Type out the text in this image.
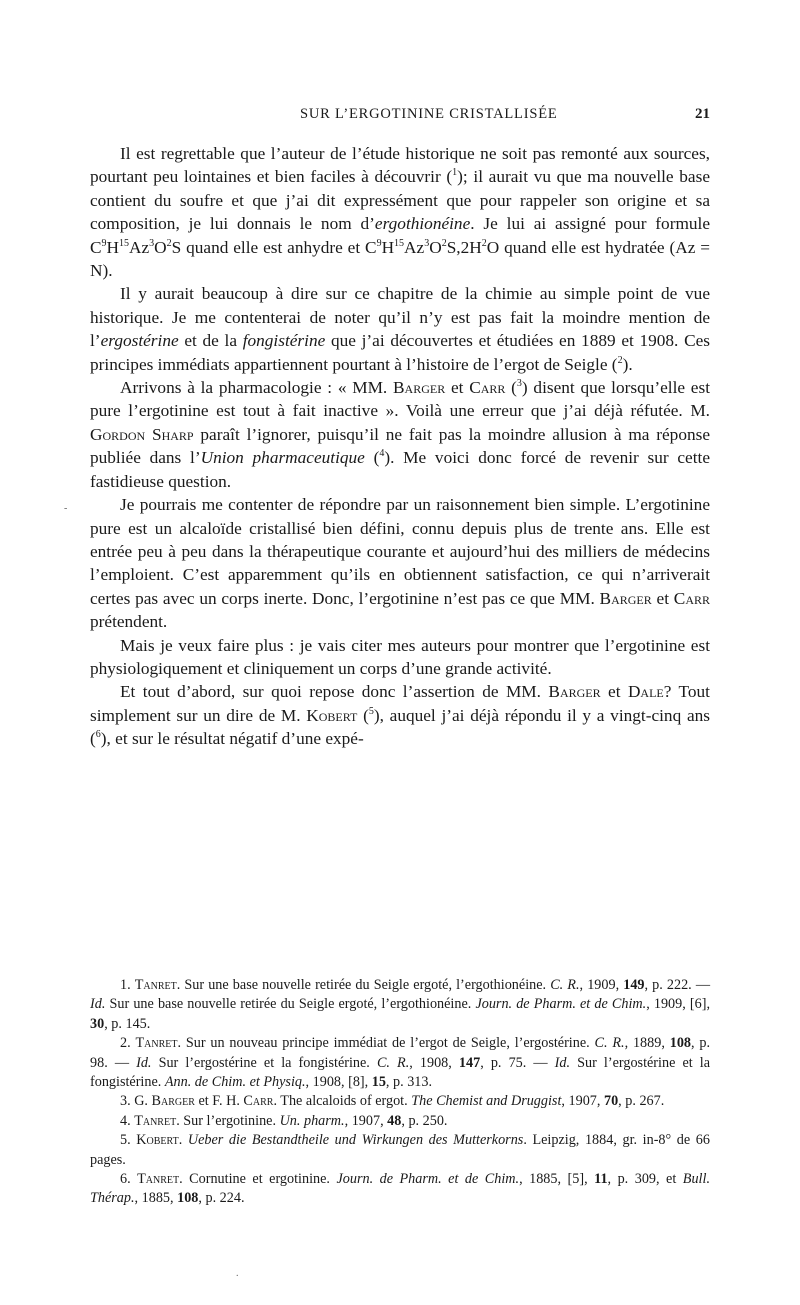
SUR L’ERGOTININE CRISTALLISÉE	21

Il est regrettable que l’auteur de l’étude historique ne soit pas remonté aux sources, pourtant peu lointaines et bien faciles à découvrir ($^1$); il aurait vu que ma nouvelle base contient du soufre et que j’ai dit expressément que pour rappeler son origine et sa composition, je lui donnais le nom d’ergothionéine. Je lui ai assigné pour formule $C^9H^{15}Az^3O^2S$ quand elle est anhydre et $C^9H^{15}Az^3O^2S,2H^2O$ quand elle est hydratée (Az = N).

Il y aurait beaucoup à dire sur ce chapitre de la chimie au simple point de vue historique. Je me contenterai de noter qu’il n’y est pas fait la moindre mention de l’ergostérine et de la fongistérine que j’ai découvertes et étudiées en 1889 et 1908. Ces principes immédiats appartiennent pourtant à l’histoire de l’ergot de Seigle ($^2$).

Arrivons à la pharmacologie : « MM. Barger et Carr ($^3$) disent que lorsqu’elle est pure l’ergotinine est tout à fait inactive ». Voilà une erreur que j’ai déjà réfutée. M. Gordon Sharp paraît l’ignorer, puisqu’il ne fait pas la moindre allusion à ma réponse publiée dans l’Union pharmaceutique ($^4$). Me voici donc forcé de revenir sur cette fastidieuse question.

Je pourrais me contenter de répondre par un raisonnement bien simple. L’ergotinine pure est un alcaloïde cristallisé bien défini, connu depuis plus de trente ans. Elle est entrée peu à peu dans la thérapeutique courante et aujourd’hui des milliers de médecins l’emploient. C’est apparemment qu’ils en obtiennent satisfaction, ce qui n’arriverait certes pas avec un corps inerte. Donc, l’ergotinine n’est pas ce que MM. Barger et Carr prétendent.

Mais je veux faire plus : je vais citer mes auteurs pour montrer que l’ergotinine est physiologiquement et cliniquement un corps d’une grande activité.

Et tout d’abord, sur quoi repose donc l’assertion de MM. Barger et Dale? Tout simplement sur un dire de M. Kobert ($^5$), auquel j’ai déjà répondu il y a vingt-cinq ans ($^6$), et sur le résultat négatif d’une expé-

1. Tanret. Sur une base nouvelle retirée du Seigle ergoté, l’ergothionéine. C. R., 1909, 149, p. 222. — Id. Sur une base nouvelle retirée du Seigle ergoté, l’ergothionéine. Journ. de Pharm. et de Chim., 1909, [6], 30, p. 145.

2. Tanret. Sur un nouveau principe immédiat de l’ergot de Seigle, l’ergostérine. C. R., 1889, 108, p. 98. — Id. Sur l’ergostérine et la fongistérine. C. R., 1908, 147, p. 75. — Id. Sur l’ergostérine et la fongistérine. Ann. de Chim. et Physiq., 1908, [8], 15, p. 313.

3. G. Barger et F. H. Carr. The alcaloids of ergot. The Chemist and Druggist, 1907, 70, p. 267.

4. Tanret. Sur l’ergotinine. Un. pharm., 1907, 48, p. 250.

5. Kobert. Ueber die Bestandtheile und Wirkungen des Mutterkorns. Leipzig, 1884, gr. in-8° de 66 pages.

6. Tanret. Cornutine et ergotinine. Journ. de Pharm. et de Chim., 1885, [5], 11, p. 309, et Bull. Thérap., 1885, 108, p. 224.

-
.
